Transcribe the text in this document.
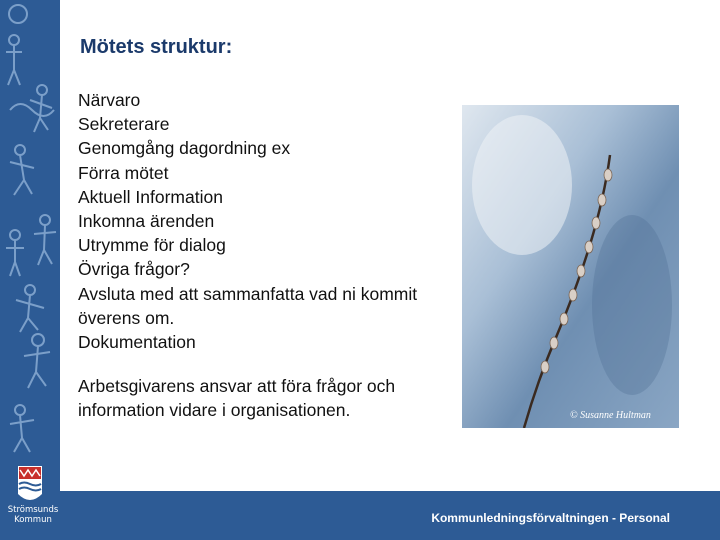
Strömsunds
Kommun
Mötets struktur:
Närvaro
Sekreterare
Genomgång dagordning ex
Förra mötet
Aktuell Information
Inkomna ärenden
Utrymme för dialog
Övriga frågor?
Avsluta med att sammanfatta vad ni kommit överens om.
Dokumentation

Arbetsgivarens ansvar att föra frågor och information vidare i organisationen.	© Susanne Hultman
Kommunledningsförvaltningen - Personal
